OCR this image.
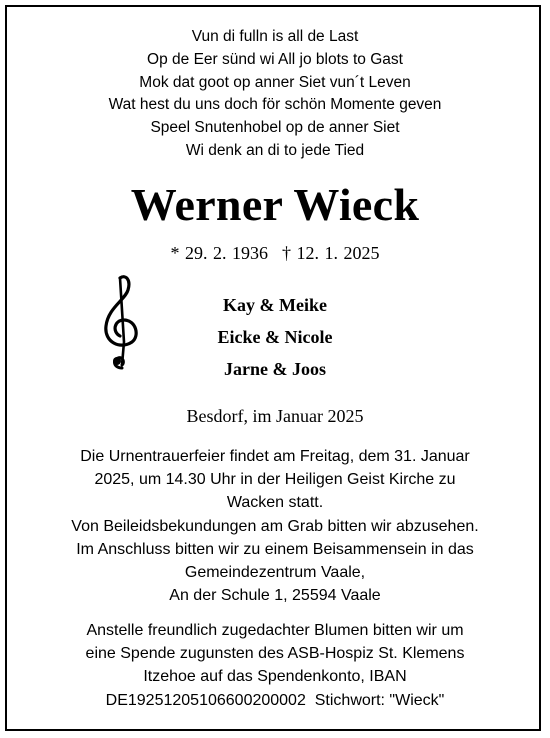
Vun di fulln is all de Last
Op de Eer sünd wi All jo blots to Gast
Mok dat goot op anner Siet vun´t Leven
Wat hest du uns doch för schön Momente geven
Speel Snutenhobel op de anner Siet
Wi denk an di to jede Tied
Werner Wieck
* 29. 2. 1936 † 12. 1. 2025
Kay & Meike
Eicke & Nicole
Jarne & Joos
Besdorf, im Januar 2025
Die Urnentrauerfeier findet am Freitag, dem 31. Januar
2025, um 14.30 Uhr in der Heiligen Geist Kirche zu
Wacken statt.
Von Beileidsbekundungen am Grab bitten wir abzusehen.
Im Anschluss bitten wir zu einem Beisammensein in das
Gemeindezentrum Vaale,
An der Schule 1, 25594 Vaale
Anstelle freundlich zugedachter Blumen bitten wir um
eine Spende zugunsten des ASB-Hospiz St. Klemens
Itzehoe auf das Spendenkonto, IBAN
DE19251205106600200002  Stichwort: "Wieck"
